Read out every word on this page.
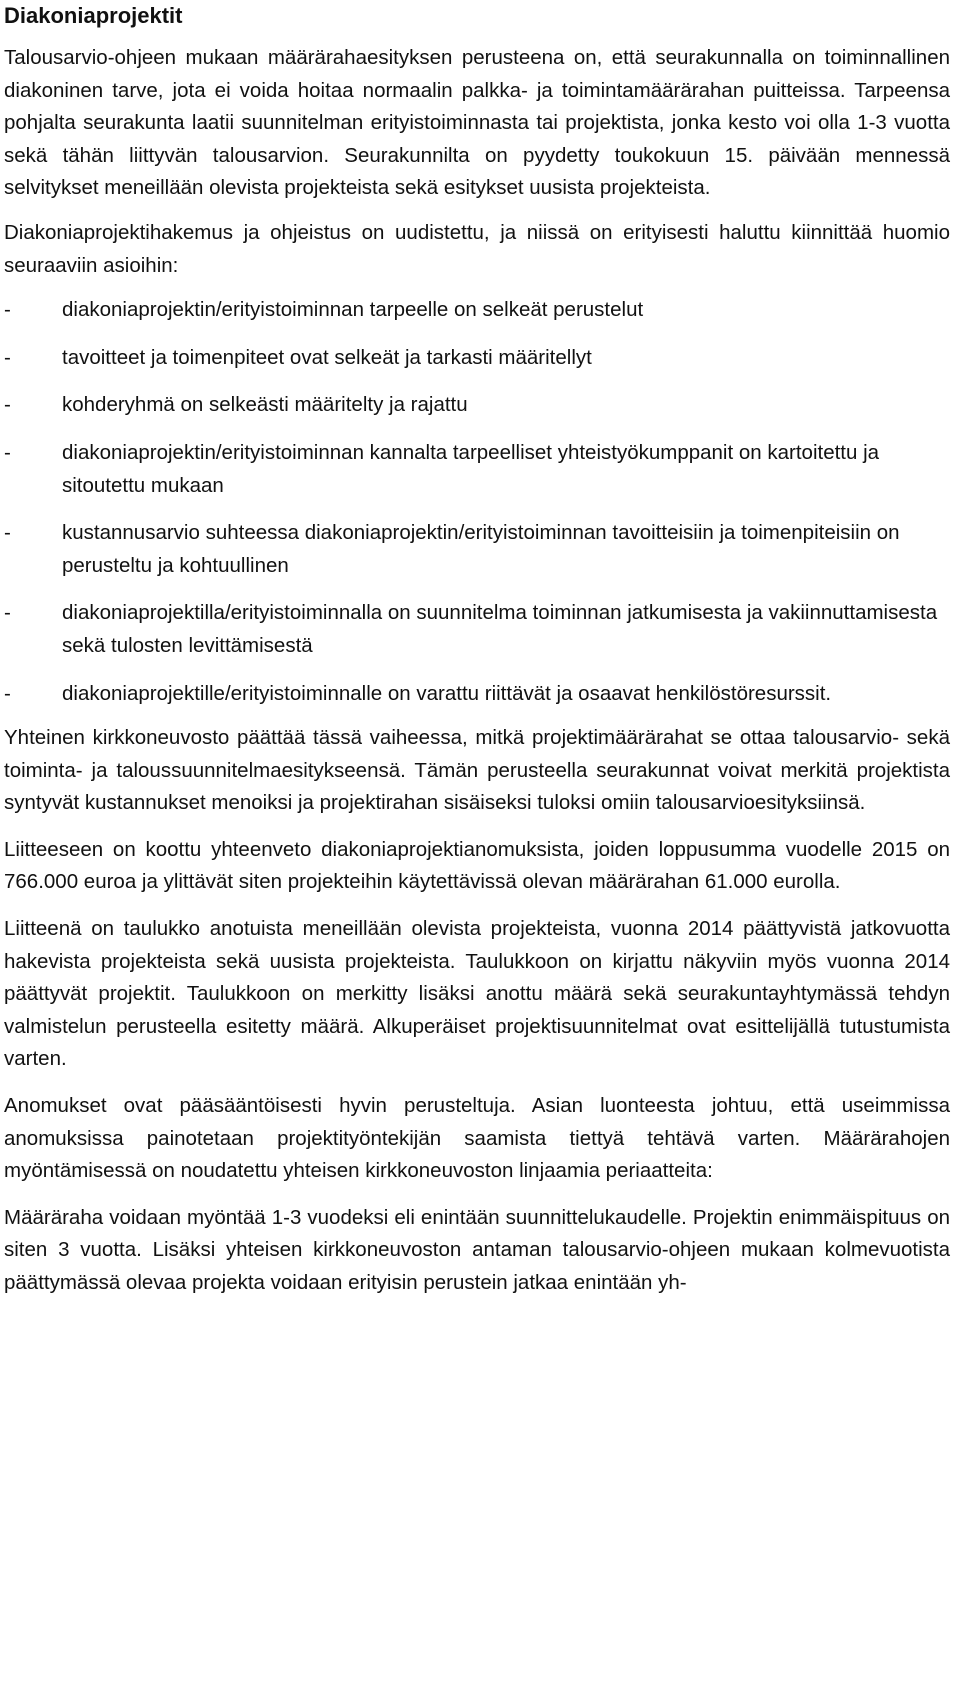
Diakoniaprojektit

Talousarvio-ohjeen mukaan määrärahaesityksen perusteena on, että seurakunnalla on toiminnallinen diakoninen tarve, jota ei voida hoitaa normaalin palkka- ja toimintamäärärahan puitteissa. Tarpeensa pohjalta seurakunta laatii suunnitelman erityistoiminnasta tai projektista, jonka kesto voi olla 1-3 vuotta sekä tähän liittyvän talousarvion. Seurakunnilta on pyydetty toukokuun 15. päivään mennessä selvitykset meneillään olevista projekteista sekä esitykset uusista projekteista.

Diakoniaprojektihakemus ja ohjeistus on uudistettu, ja niissä on erityisesti haluttu kiinnittää huomio seuraaviin asioihin:

-	diakoniaprojektin/erityistoiminnan tarpeelle on selkeät perustelut
-	tavoitteet ja toimenpiteet ovat selkeät ja tarkasti määritellyt
-	kohderyhmä on selkeästi määritelty ja rajattu
-	diakoniaprojektin/erityistoiminnan kannalta tarpeelliset yhteistyökumppanit on kartoitettu ja sitoutettu mukaan
-	kustannusarvio suhteessa diakoniaprojektin/erityistoiminnan tavoitteisiin ja toimenpiteisiin on perusteltu ja kohtuullinen
-	diakoniaprojektilla/erityistoiminnalla on suunnitelma toiminnan jatkumisesta ja vakiinnuttamisesta sekä tulosten levittämisestä
-	diakoniaprojektille/erityistoiminnalle on varattu riittävät ja osaavat henkilöstöresurssit.

Yhteinen kirkkoneuvosto päättää tässä vaiheessa, mitkä projektimäärärahat se ottaa talousarvio- sekä toiminta- ja taloussuunnitelmaesitykseensä. Tämän perusteella seurakunnat voivat merkitä projektista syntyvät kustannukset menoiksi ja projektirahan sisäiseksi tuloksi omiin talousarvioesityksiinsä.

Liitteeseen on koottu yhteenveto diakoniaprojektianomuksista, joiden loppusumma vuodelle 2015 on 766.000 euroa ja ylittävät siten projekteihin käytettävissä olevan määrärahan 61.000 eurolla.

Liitteenä on taulukko anotuista meneillään olevista projekteista, vuonna 2014 päättyvistä jatkovuotta hakevista projekteista sekä uusista projekteista. Taulukkoon on kirjattu näkyviin myös vuonna 2014 päättyvät projektit. Taulukkoon on merkitty lisäksi anottu määrä sekä seurakuntayhtymässä tehdyn valmistelun perusteella esitetty määrä. Alkuperäiset projektisuunnitelmat ovat esittelijällä tutustumista varten.

Anomukset ovat pääsääntöisesti hyvin perusteltuja. Asian luonteesta johtuu, että useimmissa anomuksissa painotetaan projektityöntekijän saamista tiettyä tehtävä varten. Määrärahojen myöntämisessä on noudatettu yhteisen kirkkoneuvoston linjaamia periaatteita:

Määräraha voidaan myöntää 1-3 vuodeksi eli enintään suunnittelukaudelle. Projektin enimmäispituus on siten 3 vuotta. Lisäksi yhteisen kirkkoneuvoston antaman talousarvio-ohjeen mukaan kolmevuotista päättymässä olevaa projekta voidaan erityisin perustein jatkaa enintään yh-
